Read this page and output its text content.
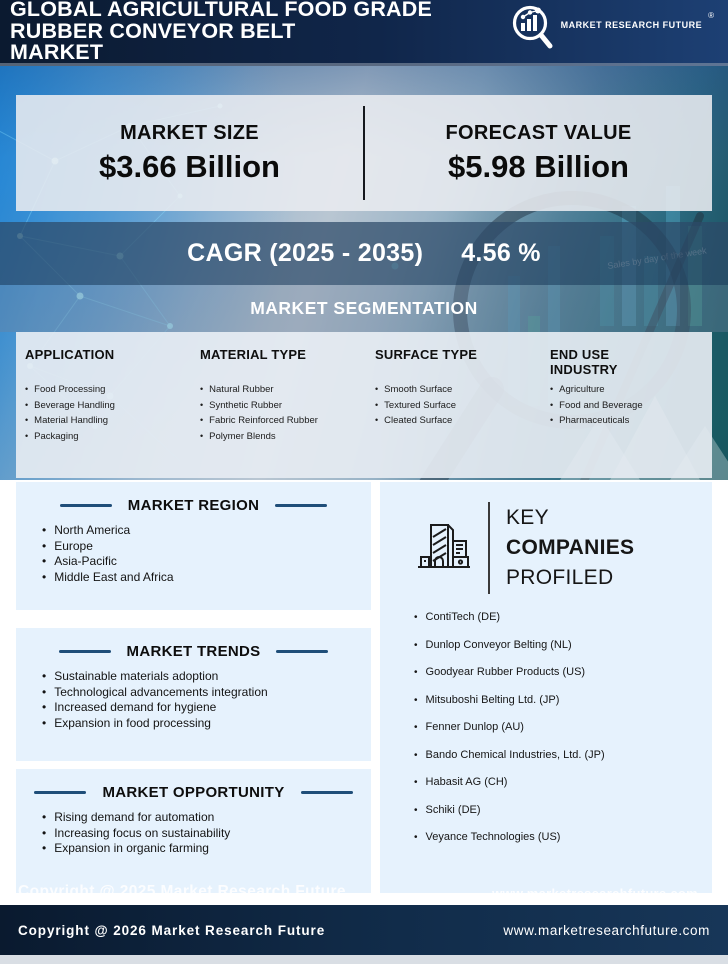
GLOBAL AGRICULTURAL FOOD GRADE
RUBBER CONVEYOR BELT
MARKET
MARKET RESEARCH FUTURE
®
MARKET SIZE
$3.66 Billion
FORECAST VALUE
$5.98 Billion
CAGR (2025 - 2035) 4.56 %
MARKET SEGMENTATION
APPLICATION
• Food Processing
• Beverage Handling
• Material Handling
• Packaging
MATERIAL TYPE
• Natural Rubber
• Synthetic Rubber
• Fabric Reinforced Rubber
• Polymer Blends
SURFACE TYPE
• Smooth Surface
• Textured Surface
• Cleated Surface
END USE INDUSTRY
• Agriculture
• Food and Beverage
• Pharmaceuticals
MARKET REGION
• North America
• Europe
• Asia-Pacific
• Middle East and Africa
MARKET TRENDS
• Sustainable materials adoption
• Technological advancements integration
• Increased demand for hygiene
• Expansion in food processing
MARKET OPPORTUNITY
• Rising demand for automation
• Increasing focus on sustainability
• Expansion in organic farming
KEY
COMPANIES
PROFILED
• ContiTech (DE)
• Dunlop Conveyor Belting (NL)
• Goodyear Rubber Products (US)
• Mitsuboshi Belting Ltd. (JP)
• Fenner Dunlop (AU)
• Bando Chemical Industries, Ltd. (JP)
• Habasit AG (CH)
• Schiki (DE)
• Veyance Technologies (US)
Copyright @ 2025 Market Research Future	www.marketresearchfuture.com
Copyright @ 2026 Market Research Future	www.marketresearchfuture.com
